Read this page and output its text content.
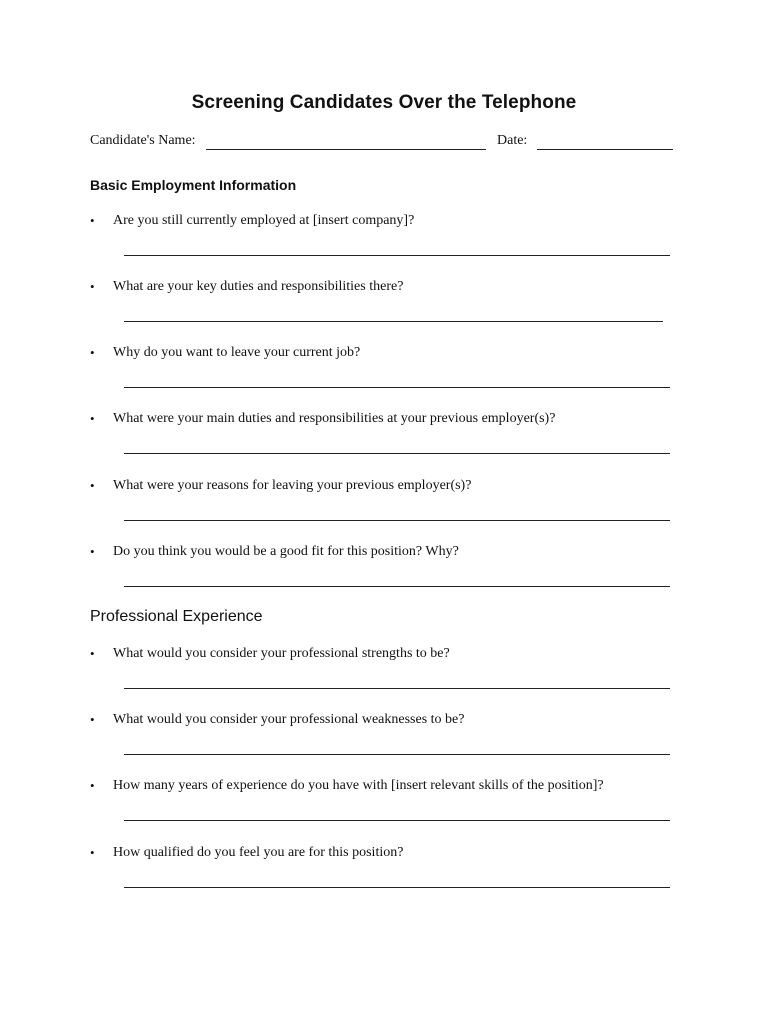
Screening Candidates Over the Telephone
Candidate's Name:	Date:
Basic Employment Information
• Are you still currently employed at [insert company]?
• What are your key duties and responsibilities there?
• Why do you want to leave your current job?
• What were your main duties and responsibilities at your previous employer(s)?
• What were your reasons for leaving your previous employer(s)?
• Do you think you would be a good fit for this position? Why?
Professional Experience
• What would you consider your professional strengths to be?
• What would you consider your professional weaknesses to be?
• How many years of experience do you have with [insert relevant skills of the position]?
• How qualified do you feel you are for this position?
